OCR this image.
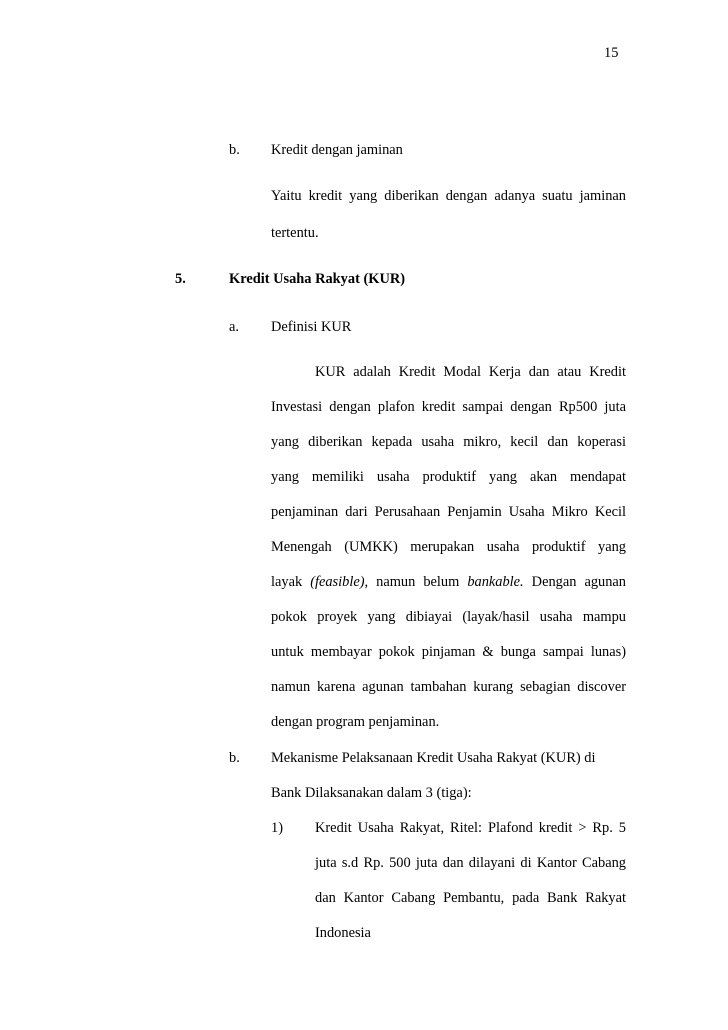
15
b. Kredit dengan jaminan
Yaitu kredit yang diberikan dengan adanya suatu jaminan
tertentu.
5.	Kredit Usaha Rakyat (KUR)
a. Definisi KUR
KUR adalah Kredit Modal Kerja dan atau Kredit
Investasi dengan plafon kredit sampai dengan Rp500 juta
yang diberikan kepada usaha mikro, kecil dan koperasi
yang memiliki usaha produktif yang akan mendapat
penjaminan dari Perusahaan Penjamin Usaha Mikro Kecil
Menengah (UMKK) merupakan usaha produktif yang
layak (feasible), namun belum bankable. Dengan agunan
pokok proyek yang dibiayai (layak/hasil usaha mampu
untuk membayar pokok pinjaman & bunga sampai lunas)
namun karena agunan tambahan kurang sebagian discover
dengan program penjaminan.
b. Mekanisme Pelaksanaan Kredit Usaha Rakyat (KUR) di
Bank Dilaksanakan dalam 3 (tiga):
1) Kredit Usaha Rakyat, Ritel: Plafond kredit > Rp. 5
juta s.d Rp. 500 juta dan dilayani di Kantor Cabang
dan Kantor Cabang Pembantu, pada Bank Rakyat
Indonesia
